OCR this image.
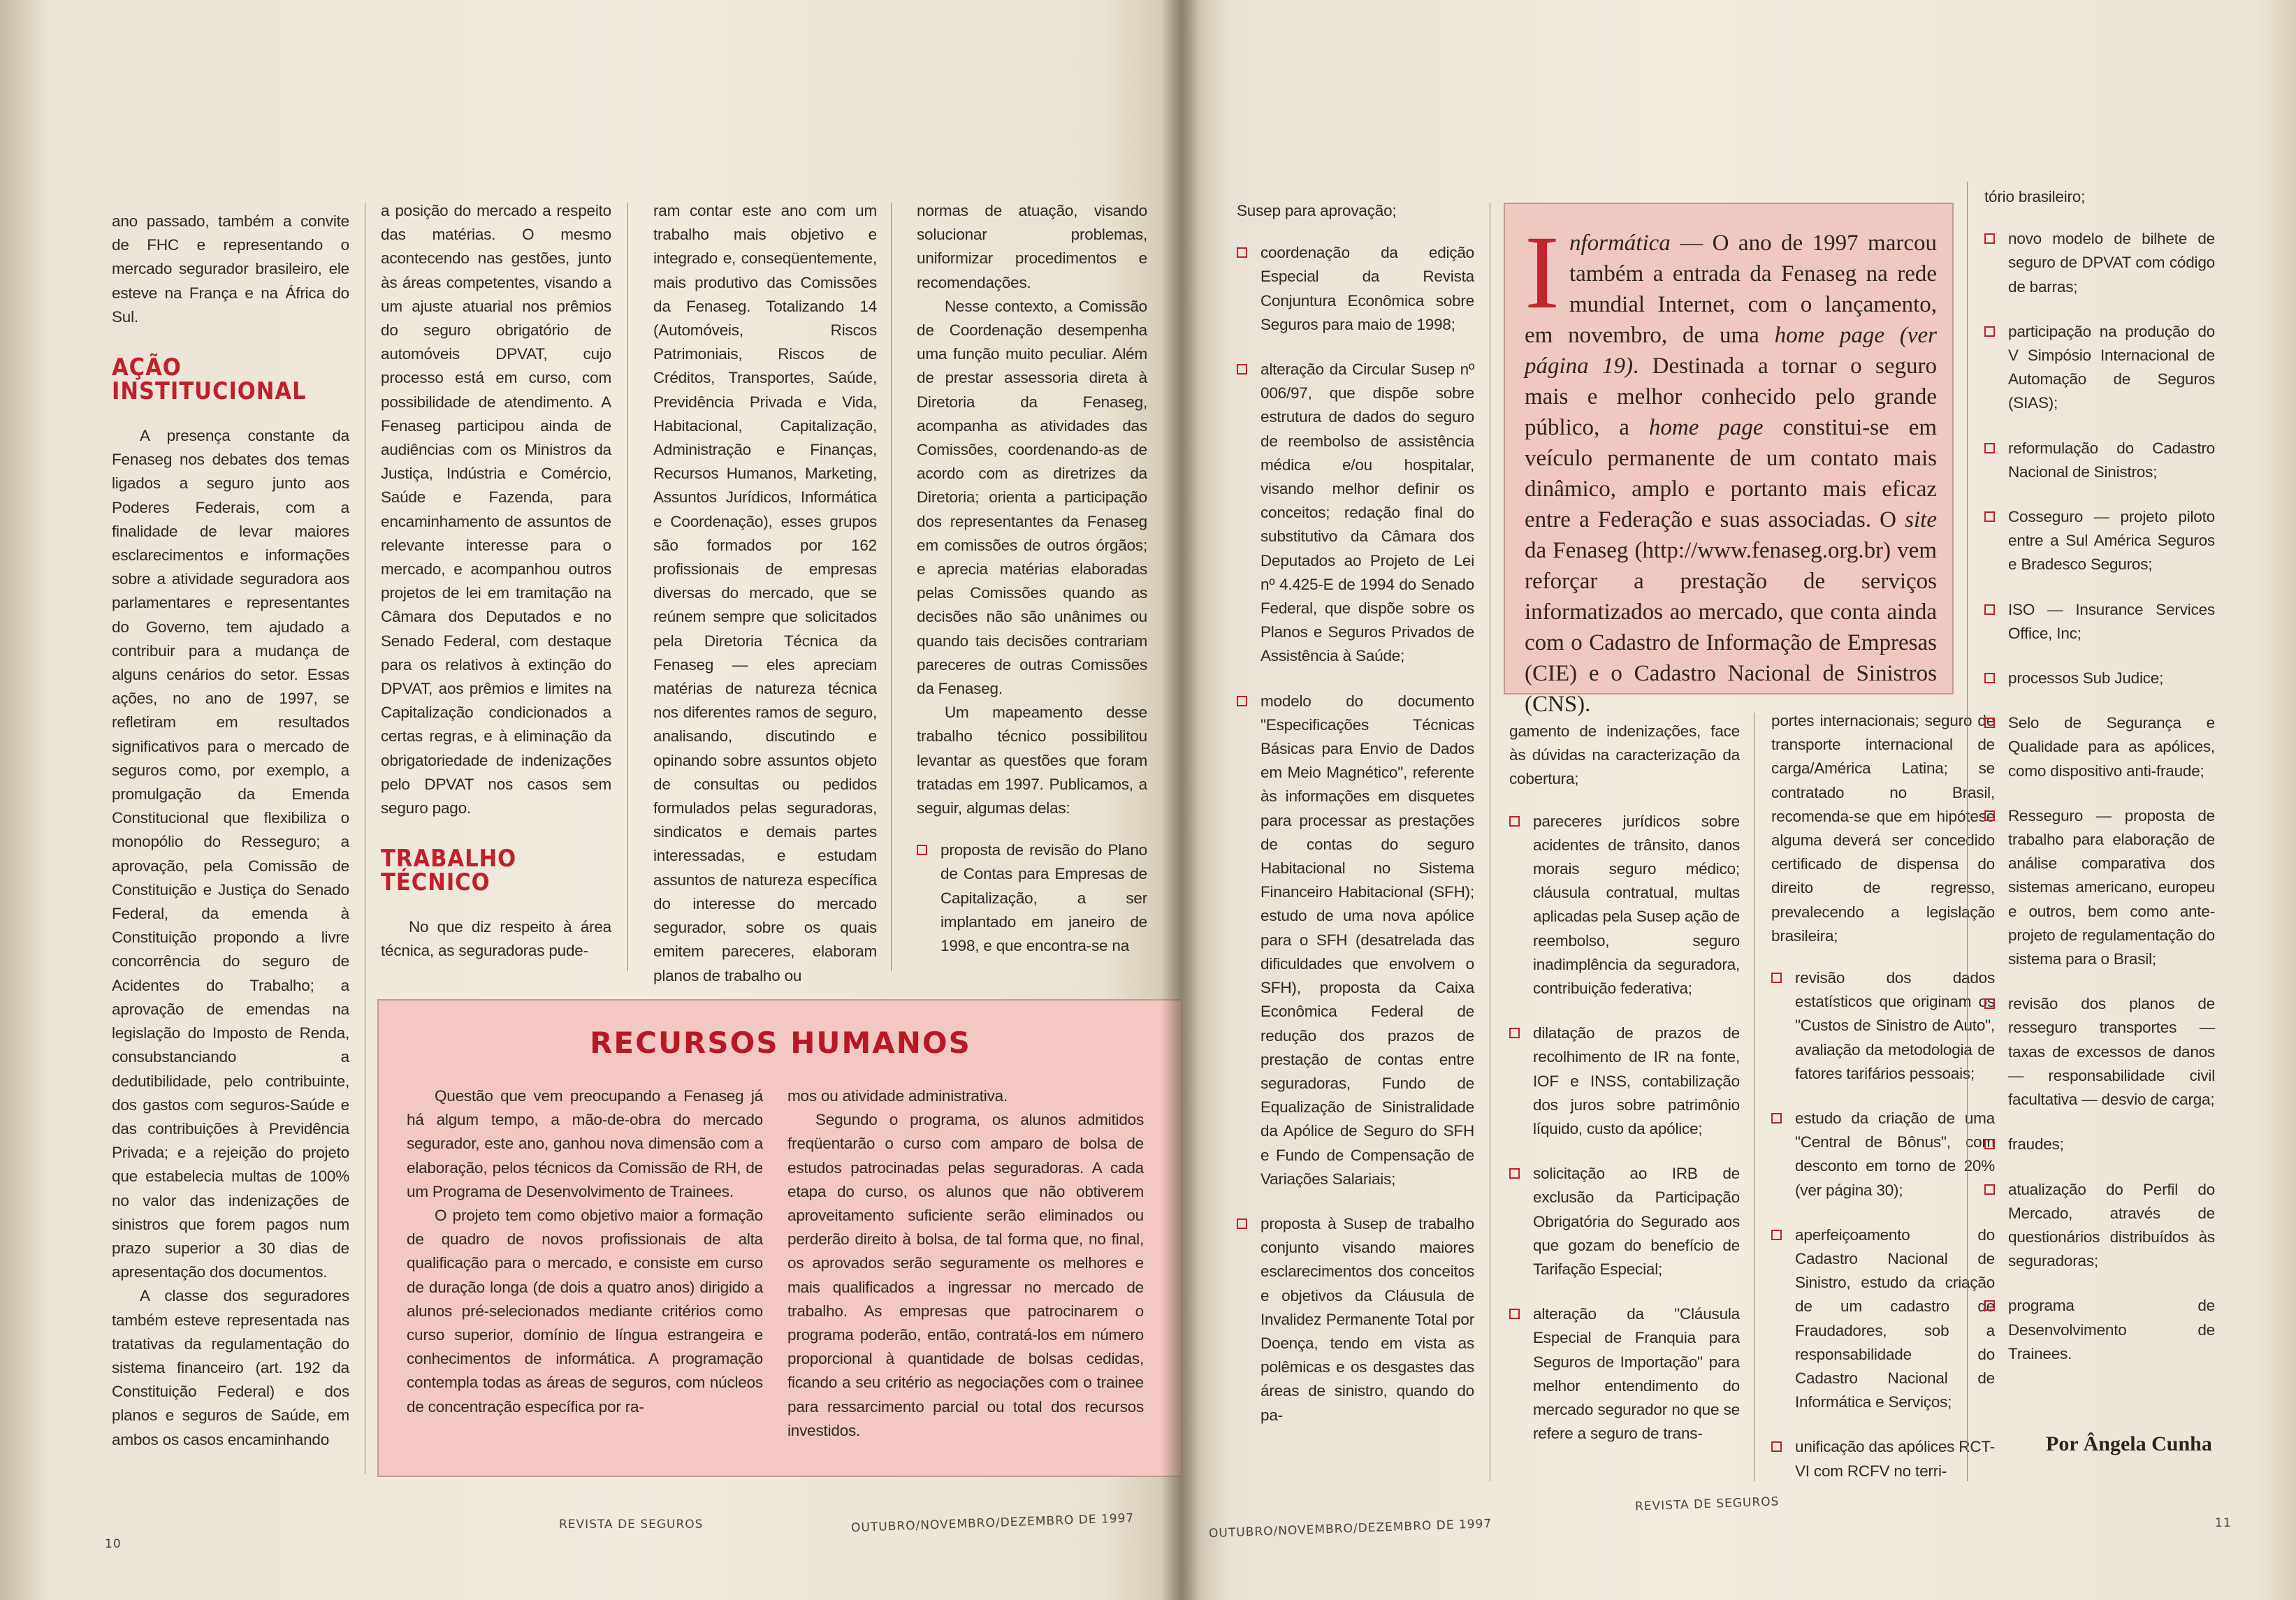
ano passado, também a convite de FHC e representando o mercado segurador brasileiro, ele esteve na França e na África do Sul.

AÇÃO
INSTITUCIONAL

A presença constante da Fenaseg nos debates dos temas ligados a seguro junto aos Poderes Federais, com a finalidade de levar maiores esclarecimentos e informações sobre a atividade seguradora aos parlamentares e representantes do Governo, tem ajudado a contribuir para a mudança de alguns cenários do setor. Essas ações, no ano de 1997, se refletiram em resultados significativos para o mercado de seguros como, por exemplo, a promulgação da Emenda Constitucional que flexibiliza o monopólio do Resseguro; a aprovação, pela Comissão de Constituição e Justiça do Senado Federal, da emenda à Constituição propondo a livre concorrência do seguro de Acidentes do Trabalho; a aprovação de emendas na legislação do Imposto de Renda, consubstanciando a dedutibilidade, pelo contribuinte, dos gastos com seguros-Saúde e das contribuições à Previdência Privada; e a rejeição do projeto que estabelecia multas de 100% no valor das indenizações de sinistros que forem pagos num prazo superior a 30 dias de apresentação dos documentos.

A classe dos seguradores também esteve representada nas tratativas da regulamentação do sistema financeiro (art. 192 da Constituição Federal) e dos planos e seguros de Saúde, em ambos os casos encaminhando

a posição do mercado a respeito das matérias. O mesmo acontecendo nas gestões, junto às áreas competentes, visando a um ajuste atuarial nos prêmios do seguro obrigatório de automóveis DPVAT, cujo processo está em curso, com possibilidade de atendimento. A Fenaseg participou ainda de audiências com os Ministros da Justiça, Indústria e Comércio, Saúde e Fazenda, para encaminhamento de assuntos de relevante interesse para o mercado, e acompanhou outros projetos de lei em tramitação na Câmara dos Deputados e no Senado Federal, com destaque para os relativos à extinção do DPVAT, aos prêmios e limites na Capitalização condicionados a certas regras, e à eliminação da obrigatoriedade de indenizações pelo DPVAT nos casos sem seguro pago.

TRABALHO
TÉCNICO

No que diz respeito à área técnica, as seguradoras pude-

ram contar este ano com um trabalho mais objetivo e integrado e, conseqüentemente, mais produtivo das Comissões da Fenaseg. Totalizando 14 (Automóveis, Riscos Patrimoniais, Riscos de Créditos, Transportes, Saúde, Previdência Privada e Vida, Habitacional, Capitalização, Administração e Finanças, Recursos Humanos, Marketing, Assuntos Jurídicos, Informática e Coordenação), esses grupos são formados por 162 profissionais de empresas diversas do mercado, que se reúnem sempre que solicitados pela Diretoria Técnica da Fenaseg — eles apreciam matérias de natureza técnica nos diferentes ramos de seguro, analisando, discutindo e opinando sobre assuntos objeto de consultas ou pedidos formulados pelas seguradoras, sindicatos e demais partes interessadas, e estudam assuntos de natureza específica do interesse do mercado segurador, sobre os quais emitem pareceres, elaboram planos de trabalho ou

normas de atuação, visando solucionar problemas, uniformizar procedimentos e recomendações.

Nesse contexto, a Comissão de Coordenação desempenha uma função muito peculiar. Além de prestar assessoria direta à Diretoria da Fenaseg, acompanha as atividades das Comissões, coordenando-as de acordo com as diretrizes da Diretoria; orienta a participação dos representantes da Fenaseg em comissões de outros órgãos; e aprecia matérias elaboradas pelas Comissões quando as decisões não são unânimes ou quando tais decisões contrariam pareceres de outras Comissões da Fenaseg.

Um mapeamento desse trabalho técnico possibilitou levantar as questões que foram tratadas em 1997. Publicamos, a seguir, algumas delas:

proposta de revisão do Plano de Contas para Empresas de Capitalização, a ser implantado em janeiro de 1998, e que encontra-se na
10
REVISTA DE SEGUROS	OUTUBRO/NOVEMBRO/DEZEMBRO DE 1997
RECURSOS HUMANOS

Questão que vem preocupando a Fenaseg já há algum tempo, a mão-de-obra do mercado segurador, este ano, ganhou nova dimensão com a elaboração, pelos técnicos da Comissão de RH, de um Programa de Desenvolvimento de Trainees.

O projeto tem como objetivo maior a formação de quadro de novos profissionais de alta qualificação para o mercado, e consiste em curso de duração longa (de dois a quatro anos) dirigido a alunos pré-selecionados mediante critérios como curso superior, domínio de língua estrangeira e conhecimentos de informática. A programação contempla todas as áreas de seguros, com núcleos de concentração específica por ra-

mos ou atividade administrativa.

Segundo o programa, os alunos admitidos freqüentarão o curso com amparo de bolsa de estudos patrocinadas pelas seguradoras. A cada etapa do curso, os alunos que não obtiverem aproveitamento suficiente serão eliminados ou perderão direito à bolsa, de tal forma que, no final, os aprovados serão seguramente os melhores e mais qualificados a ingressar no mercado de trabalho. As empresas que patrocinarem o programa poderão, então, contratá-los em número proporcional à quantidade de bolsas cedidas, ficando a seu critério as negociações com o trainee para ressarcimento parcial ou total dos recursos investidos.

Susep para aprovação;

coordenação da edição Especial da Revista Conjuntura Econômica sobre Seguros para maio de 1998;
alteração da Circular Susep nº 006/97, que dispõe sobre estrutura de dados do seguro de reembolso de assistência médica e/ou hospitalar, visando melhor definir os conceitos; redação final do substitutivo da Câmara dos Deputados ao Projeto de Lei nº 4.425-E de 1994 do Senado Federal, que dispõe sobre os Planos e Seguros Privados de Assistência à Saúde;
modelo do documento "Especificações Técnicas Básicas para Envio de Dados em Meio Magnético", referente às informações em disquetes para processar as prestações de contas do seguro Habitacional no Sistema Financeiro Habitacional (SFH); estudo de uma nova apólice para o SFH (desatrelada das dificuldades que envolvem o SFH), proposta da Caixa Econômica Federal de redução dos prazos de prestação de contas entre seguradoras, Fundo de Equalização de Sinistralidade da Apólice de Seguro do SFH e Fundo de Compensação de Variações Salariais;
proposta à Susep de trabalho conjunto visando maiores esclarecimentos dos conceitos e objetivos da Cláusula de Invalidez Permanente Total por Doença, tendo em vista as polêmicas e os desgastes das áreas de sinistro, quando do pa-

gamento de indenizações, face às dúvidas na caracterização da cobertura;

pareceres jurídicos sobre acidentes de trânsito, danos morais seguro médico; cláusula contratual, multas aplicadas pela Susep ação de reembolso, seguro inadimplência da seguradora, contribuição federativa;
dilatação de prazos de recolhimento de IR na fonte, IOF e INSS, contabilização dos juros sobre patrimônio líquido, custo da apólice;
solicitação ao IRB de exclusão da Participação Obrigatória do Segurado aos que gozam do benefício de Tarifação Especial;
alteração da "Cláusula Especial de Franquia para Seguros de Importação" para melhor entendimento do mercado segurador no que se refere a seguro de trans-

portes internacionais; seguro de transporte internacional de carga/América Latina; se contratado no Brasil, recomenda-se que em hipótese alguma deverá ser concedido certificado de dispensa do direito de regresso, prevalecendo a legislação brasileira;

revisão dos dados estatísticos que originam os "Custos de Sinistro de Auto", avaliação da metodologia de fatores tarifários pessoais;
estudo da criação de uma "Central de Bônus", com desconto em torno de 20% (ver página 30);
aperfeiçoamento do Cadastro Nacional de Sinistro, estudo da criação de um cadastro de Fraudadores, sob a responsabilidade do Cadastro Nacional de Informática e Serviços;
unificação das apólices RCT-VI com RCFV no terri-

tório brasileiro;

novo modelo de bilhete de seguro de DPVAT com código de barras;
participação na produção do V Simpósio Internacional de Automação de Seguros (SIAS);
reformulação do Cadastro Nacional de Sinistros;
Cosseguro — projeto piloto entre a Sul América Seguros e Bradesco Seguros;
ISO — Insurance Services Office, Inc;
processos Sub Judice;
Selo de Segurança e Qualidade para as apólices, como dispositivo anti-fraude;
Resseguro — proposta de trabalho para elaboração de análise comparativa dos sistemas americano, europeu e outros, bem como ante-projeto de regulamentação do sistema para o Brasil;
revisão dos planos de resseguro transportes — taxas de excessos de danos — responsabilidade civil facultativa — desvio de carga;
fraudes;
atualização do Perfil do Mercado, através de questionários distribuídos às seguradoras;
programa de Desenvolvimento de Trainees.
OUTUBRO/NOVEMBRO/DEZEMBRO DE 1997
REVISTA DE SEGUROS
11
Informática — O ano de 1997 marcou também a entrada da Fenaseg na rede mundial Internet, com o lançamento, em novembro, de uma home page (ver página 19). Destinada a tornar o seguro mais e melhor conhecido pelo grande público, a home page constitui-se em veículo permanente de um contato mais dinâmico, amplo e portanto mais eficaz entre a Federação e suas associadas. O site da Fenaseg (http://www.fenaseg.org.br) vem reforçar a prestação de serviços informatizados ao mercado, que conta ainda com o Cadastro de Informação de Empresas (CIE) e o Cadastro Nacional de Sinistros (CNS).
Por Ângela Cunha
